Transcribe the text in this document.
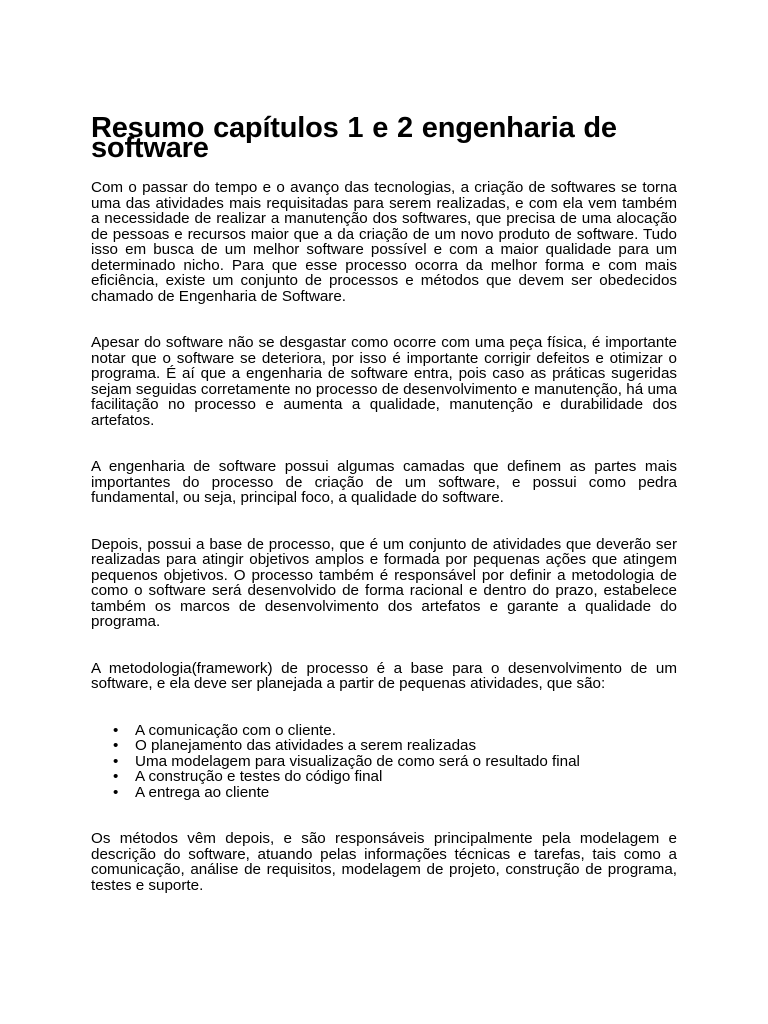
Resumo capítulos 1 e 2 engenharia de software

Com o passar do tempo e o avanço das tecnologias, a criação de softwares se torna uma das atividades mais requisitadas para serem realizadas, e com ela vem também a necessidade de realizar a manutenção dos softwares, que precisa de uma alocação de pessoas e recursos maior que a da criação de um novo produto de software. Tudo isso em busca de um melhor software possível e com a maior qualidade para um determinado nicho. Para que esse processo ocorra da melhor forma e com mais eficiência, existe um conjunto de processos e métodos que devem ser obedecidos chamado de Engenharia de Software.

Apesar do software não se desgastar como ocorre com uma peça física, é importante notar que o software se deteriora, por isso é importante corrigir defeitos e otimizar o programa. É aí que a engenharia de software entra, pois caso as práticas sugeridas sejam seguidas corretamente no processo de desenvolvimento e manutenção, há uma facilitação no processo e aumenta a qualidade, manutenção e durabilidade dos artefatos.

A engenharia de software possui algumas camadas que definem as partes mais importantes do processo de criação de um software, e possui como pedra fundamental, ou seja, principal foco, a qualidade do software.

Depois, possui a base de processo, que é um conjunto de atividades que deverão ser realizadas para atingir objetivos amplos e formada por pequenas ações que atingem pequenos objetivos. O processo também é responsável por definir a metodologia de como o software será desenvolvido de forma racional e dentro do prazo, estabelece também os marcos de desenvolvimento dos artefatos e garante a qualidade do programa.

A metodologia(framework) de processo é a base para o desenvolvimento de um software, e ela deve ser planejada a partir de pequenas atividades, que são:

• A comunicação com o cliente.
• O planejamento das atividades a serem realizadas
• Uma modelagem para visualização de como será o resultado final
• A construção e testes do código final
• A entrega ao cliente

Os métodos vêm depois, e são responsáveis principalmente pela modelagem e descrição do software, atuando pelas informações técnicas e tarefas, tais como a comunicação, análise de requisitos, modelagem de projeto, construção de programa, testes e suporte.
